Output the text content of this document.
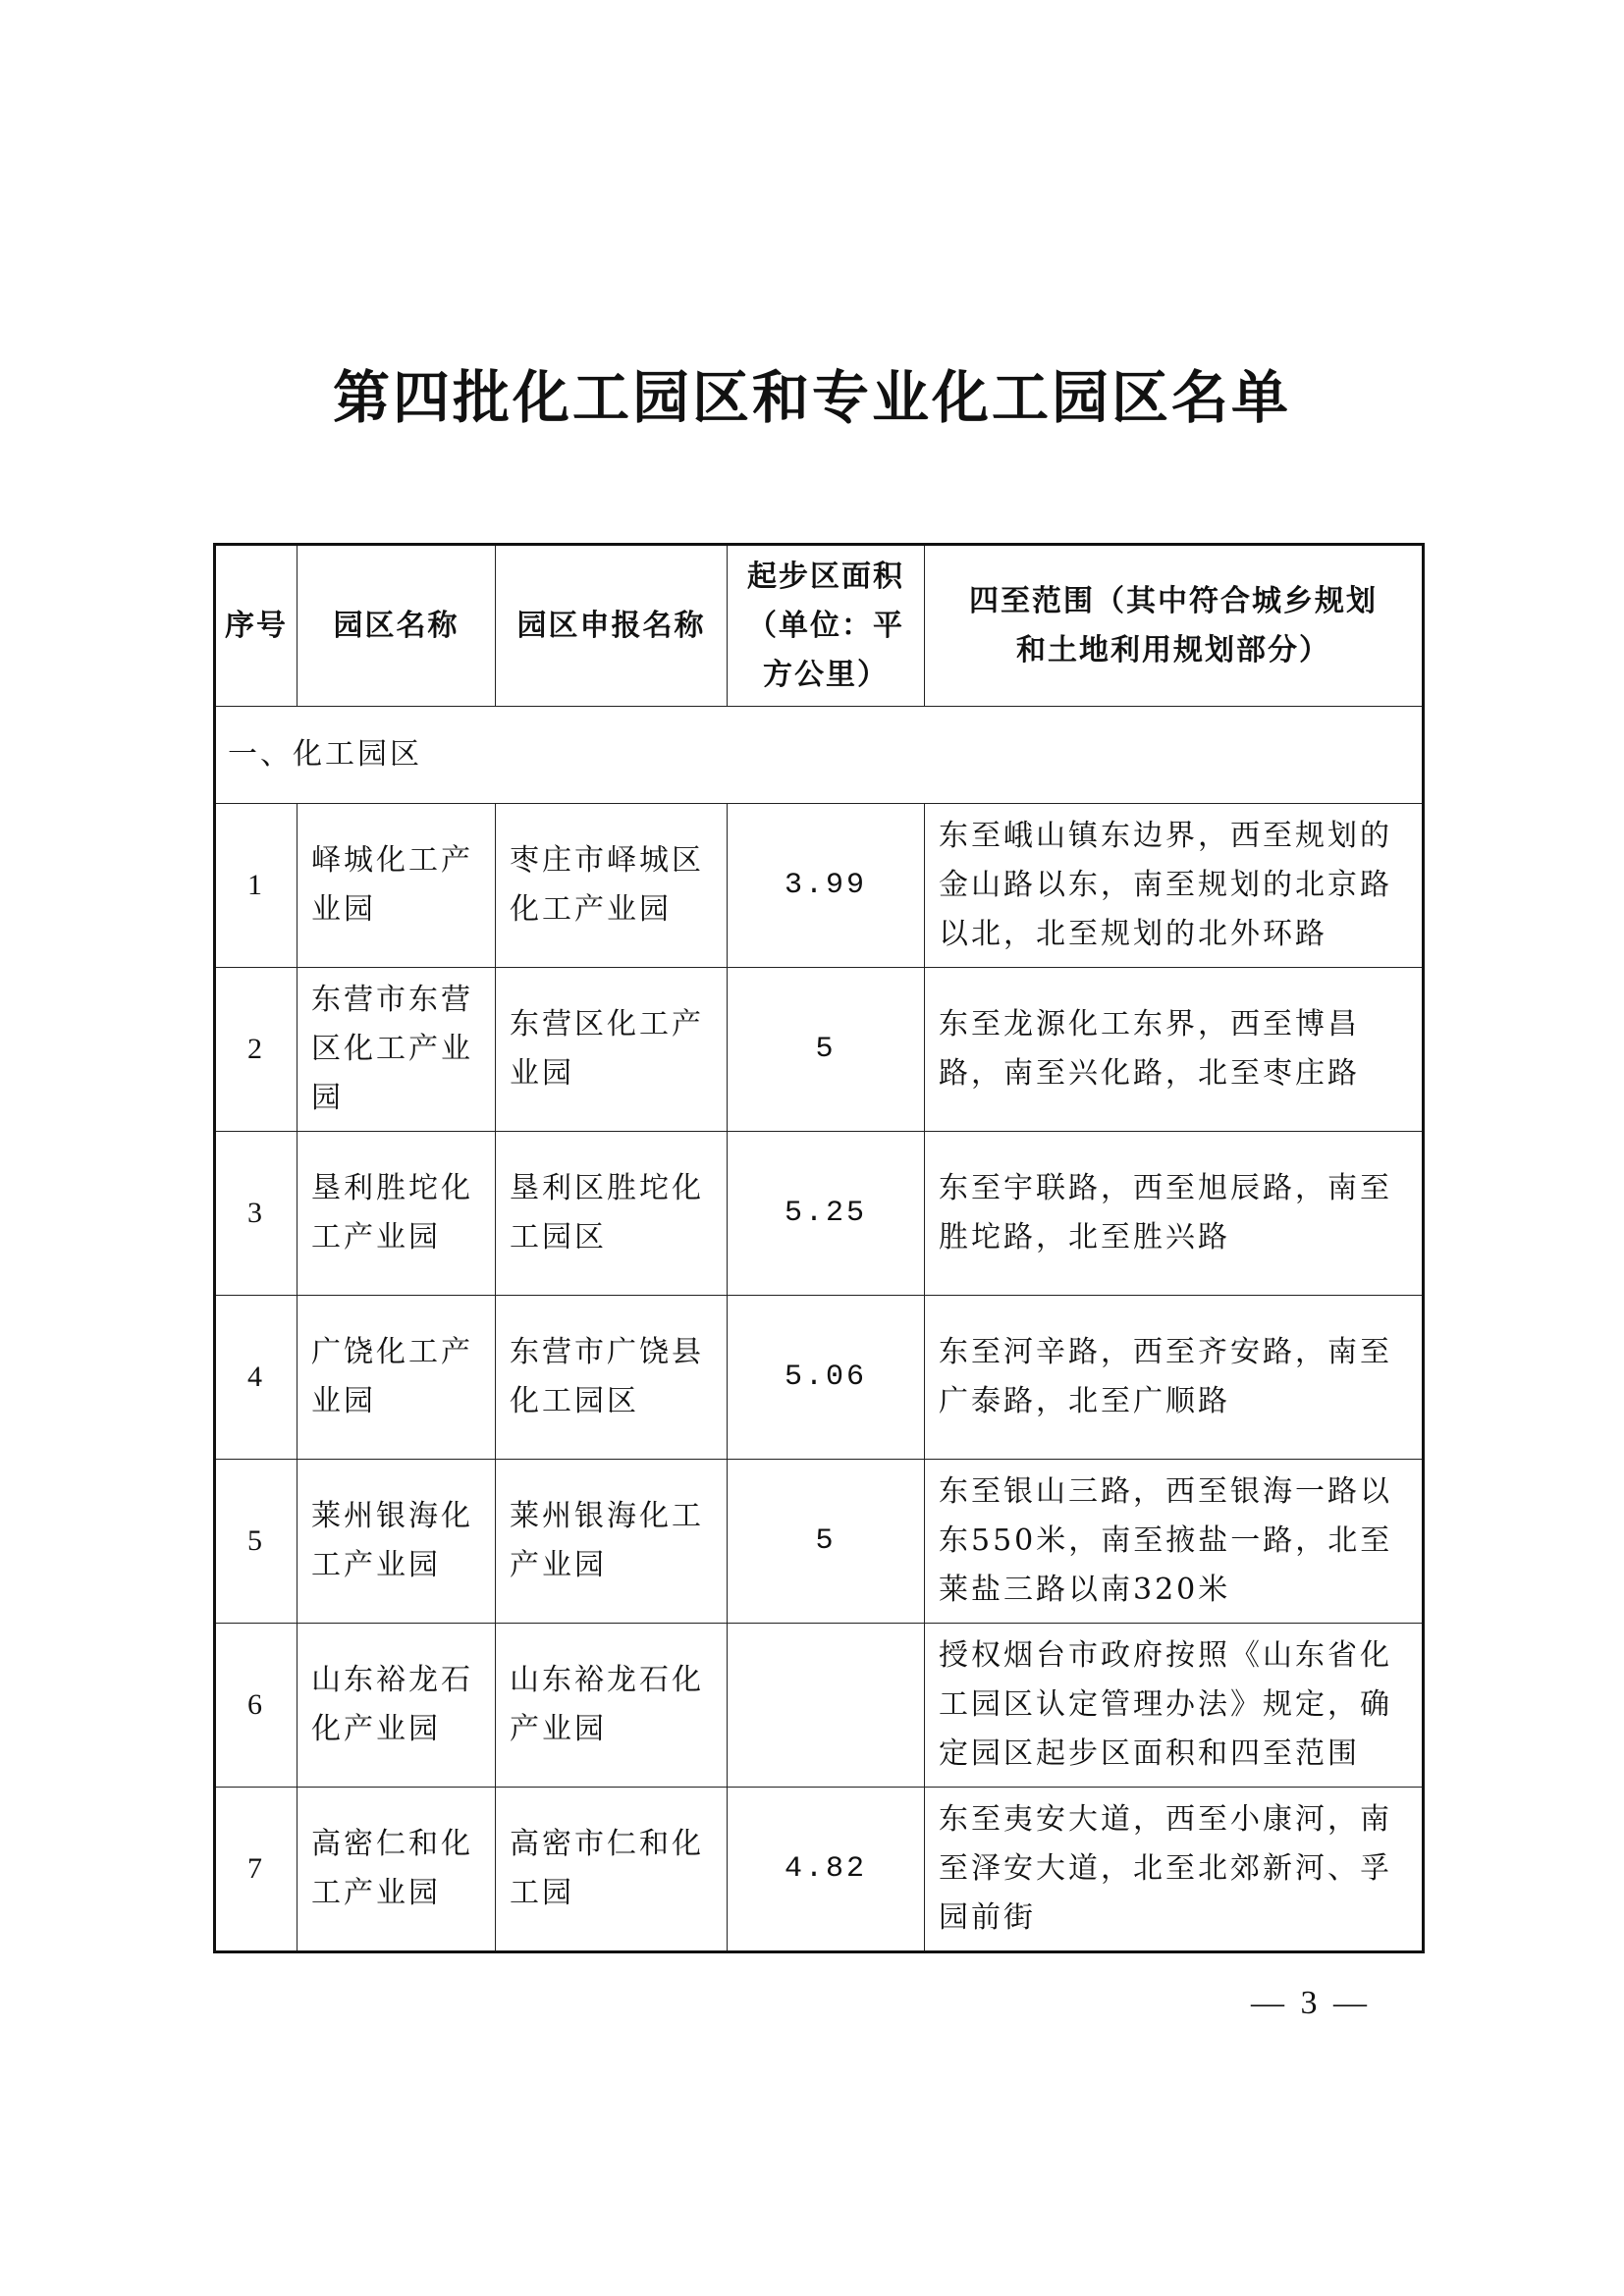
第四批化工园区和专业化工园区名单
序号	园区名称	园区申报名称	起步区面积（单位：平方公里）	四至范围（其中符合城乡规划和土地利用规划部分）
一、化工园区				
1	峄城化工产业园	枣庄市峄城区化工产业园	3.99	东至峨山镇东边界，西至规划的金山路以东，南至规划的北京路以北，北至规划的北外环路
2	东营市东营区化工产业园	东营区化工产业园	5	东至龙源化工东界，西至博昌路，南至兴化路，北至枣庄路
3	垦利胜坨化工产业园	垦利区胜坨化工园区	5.25	东至宇联路，西至旭辰路，南至胜坨路，北至胜兴路
4	广饶化工产业园	东营市广饶县化工园区	5.06	东至河辛路，西至齐安路，南至广泰路，北至广顺路
5	莱州银海化工产业园	莱州银海化工产业园	5	东至银山三路，西至银海一路以东550米，南至掖盐一路，北至莱盐三路以南320米
6	山东裕龙石化产业园	山东裕龙石化产业园		授权烟台市政府按照《山东省化工园区认定管理办法》规定，确定园区起步区面积和四至范围
7	高密仁和化工产业园	高密市仁和化工园	4.82	东至夷安大道，西至小康河，南至泽安大道，北至北郊新河、孚园前街
— 3 —
